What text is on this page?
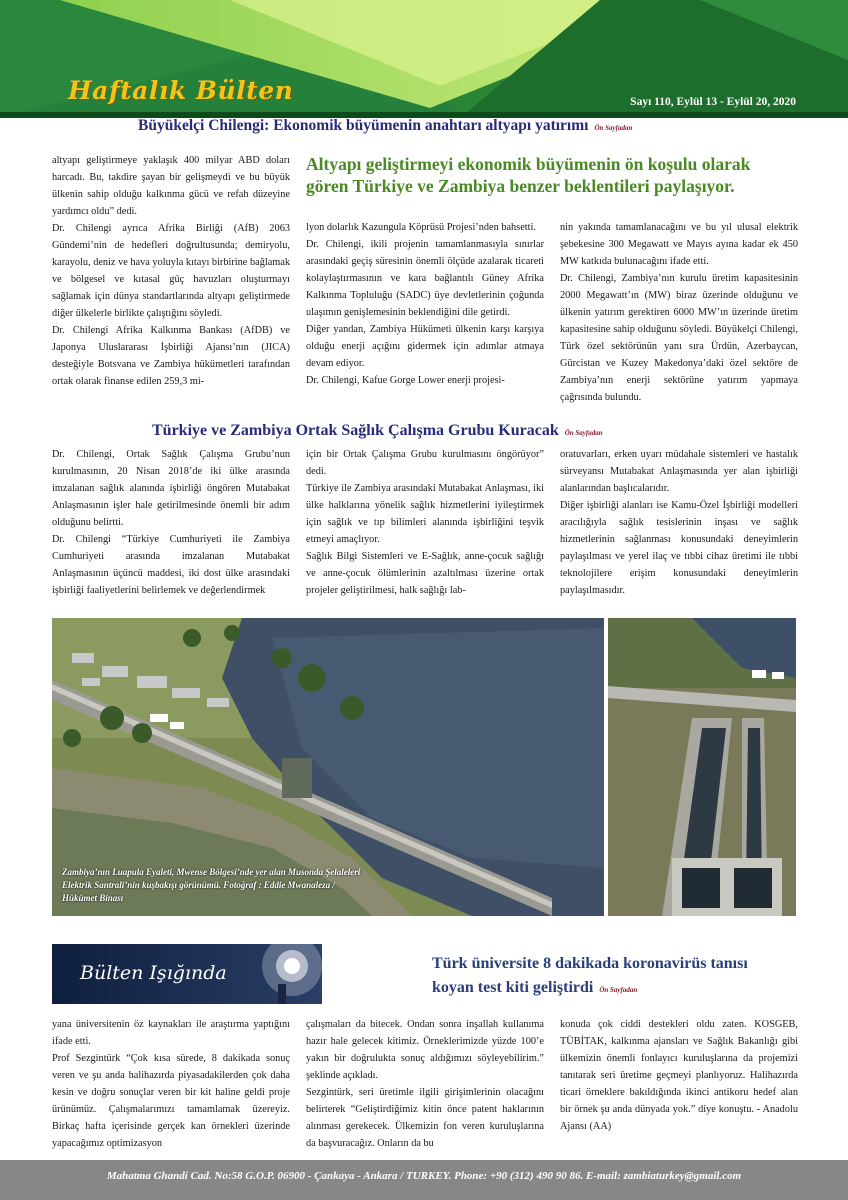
Haftalık Bülten	Sayı 110, Eylül 13 - Eylül 20, 2020
Büyükelçi Chilengi: Ekonomik büyümenin anahtarı altyapı yatırımı Ön Sayfadan

altyapı geliştirmeye yaklaşık 400 milyar ABD doları harcadı. Bu, takdire şayan bir gelişmeydi ve bu büyük ülkenin sahip olduğu kalkınma gücü ve refah düzeyine yardımcı oldu” dedi.

Dr. Chilengi ayrıca Afrika Birliği (AfB) 2063 Gündemi’nin de hedefleri doğrultusunda; demiryolu, karayolu, deniz ve hava yoluyla kıtayı birbirine bağlamak ve bölgesel ve kıtasal güç havuzları oluşturmayı sağlamak için dünya standartlarında altyapı geliştirmede diğer ülkelerle birlikte çalıştığını söyledi.

Dr. Chilengi Afrika Kalkınma Bankası (AfDB) ve Japonya Uluslararası İşbirliği Ajansı’nın (JICA) desteğiyle Botsvana ve Zambiya hükümetleri tarafından ortak olarak finanse edilen 259,3 mi-

Altyapı geliştirmeyi ekonomik büyümenin ön koşulu olarak gören Türkiye ve Zambiya benzer beklentileri paylaşıyor.

lyon dolarlık Kazungula Köprüsü Projesi’nden bahsetti.

Dr. Chilengi, ikili projenin tamamlanmasıyla sınırlar arasındaki geçiş süresinin önemli ölçüde azalarak ticareti kolaylaştırmasının ve kara bağlantılı Güney Afrika Kalkınma Topluluğu (SADC) üye devletlerinin çoğunda ulaşımın genişlemesinin beklendiğini dile getirdi.

Diğer yandan, Zambiya Hükümeti ülkenin karşı karşıya olduğu enerji açığını gidermek için adımlar atmaya devam ediyor.

Dr. Chilengi, Kafue Gorge Lower enerji projesi-

nin yakında tamamlanacağını ve bu yıl ulusal elektrik şebekesine 300 Megawatt ve Mayıs ayına kadar ek 450 MW katkıda bulunacağını ifade etti.

Dr. Chilengi, Zambiya’nın kurulu üretim kapasitesinin 2000 Megawatt’ın (MW) biraz üzerinde olduğunu ve ülkenin yatırım gerektiren 6000 MW’ın üzerinde üretim kapasitesine sahip olduğunu söyledi. Büyükelçi Chilengi, Türk özel sektörünün yanı sıra Ürdün, Azerbaycan, Gürcistan ve Kuzey Makedonya’daki özel sektöre de Zambiya’nın enerji sektörüne yatırım yapmaya çağrısında bulundu.

Türkiye ve Zambiya Ortak Sağlık Çalışma Grubu Kuracak Ön Sayfadan

Dr. Chilengi, Ortak Sağlık Çalışma Grubu’nun kurulmasının, 20 Nisan 2018’de iki ülke arasında imzalanan sağlık alanında işbirliği öngören Mutabakat Anlaşmasının işler hale getirilmesinde önemli bir adım olduğunu belirtti.

Dr. Chilengi “Türkiye Cumhuriyeti ile Zambiya Cumhuriyeti arasında imzalanan Mutabakat Anlaşmasının üçüncü maddesi, iki dost ülke arasındaki işbirliği faaliyetlerini belirlemek ve değerlendirmek

için bir Ortak Çalışma Grubu kurulmasını öngörüyor” dedi.

Türkiye ile Zambiya arasındaki Mutabakat Anlaşması, iki ülke halklarına yönelik sağlık hizmetlerini iyileştirmek için sağlık ve tıp bilimleri alanında işbirliğini teşvik etmeyi amaçlıyor.

Sağlık Bilgi Sistemleri ve E-Sağlık, anne-çocuk sağlığı ve anne-çocuk ölümlerinin azaltılması üzerine ortak projeler geliştirilmesi, halk sağlığı lab-

oratuvarları, erken uyarı müdahale sistemleri ve hastalık sürveyansı Mutabakat Anlaşmasında yer alan işbirliği alanlarından başlıcalarıdır.

Diğer işbirliği alanları ise Kamu-Özel İşbirliği modelleri aracılığıyla sağlık tesislerinin inşası ve sağlık hizmetlerinin sağlanması konusundaki deneyimlerin paylaşılması ve yerel ilaç ve tıbbi cihaz üretimi ile tıbbi teknolojilere erişim konusundaki deneyimlerin paylaşılmasıdır.

Zambiya’nın Luapula Eyaleti, Mwense Bölgesi’nde yer alan Musonda Şelaleleri Elektrik Santrali’nin kuşbakışı görünümü. Fotoğraf : Eddie Mwanaleza / Hükümet Binası
Bülten Işığında	Türk üniversite 8 dakikada koronavirüs tanısı koyan test kiti geliştirdi Ön Sayfadan

yana üniversitenin öz kaynakları ile araştırma yaptığını ifade etti.

Prof Sezgintürk “Çok kısa sürede, 8 dakikada sonuç veren ve şu anda halihazırda piyasadakilerden çok daha kesin ve doğru sonuçlar veren bir kit haline geldi proje ürünümüz. Çalışmalarımızı tamamlamak üzereyiz. Birkaç hafta içerisinde gerçek kan örnekleri üzerinde yapacağımız optimizasyon

çalışmaları da bitecek. Ondan sonra inşallah kullanıma hazır hale gelecek kitimiz. Örneklerimizde yüzde 100’e yakın bir doğrulukta sonuç aldığımızı söyleyebilirim.” şeklinde açıkladı.

Sezgintürk, seri üretimle ilgili girişimlerinin olacağını belirterek “Geliştirdiğimiz kitin önce patent haklarının alınması gerekecek. Ülkemizin fon veren kuruluşlarına da başvuracağız. Onların da bu

konuda çok ciddi destekleri oldu zaten. KOSGEB, TÜBİTAK, kalkınma ajansları ve Sağlık Bakanlığı gibi ülkemizin önemli fonlayıcı kuruluşlarına da projemizi tanıtarak seri üretime geçmeyi planlıyoruz. Halihazırda ticari örneklere bakıldığında ikinci antikoru hedef alan bir örnek şu anda dünyada yok.” diye konuştu. - Anadolu Ajansı (AA)

Mahatma Ghandi Cad. No:58 G.O.P. 06900 - Çankaya - Ankara / TURKEY. Phone: +90 (312) 490 90 86. E-mail: zambiaturkey@gmail.com
